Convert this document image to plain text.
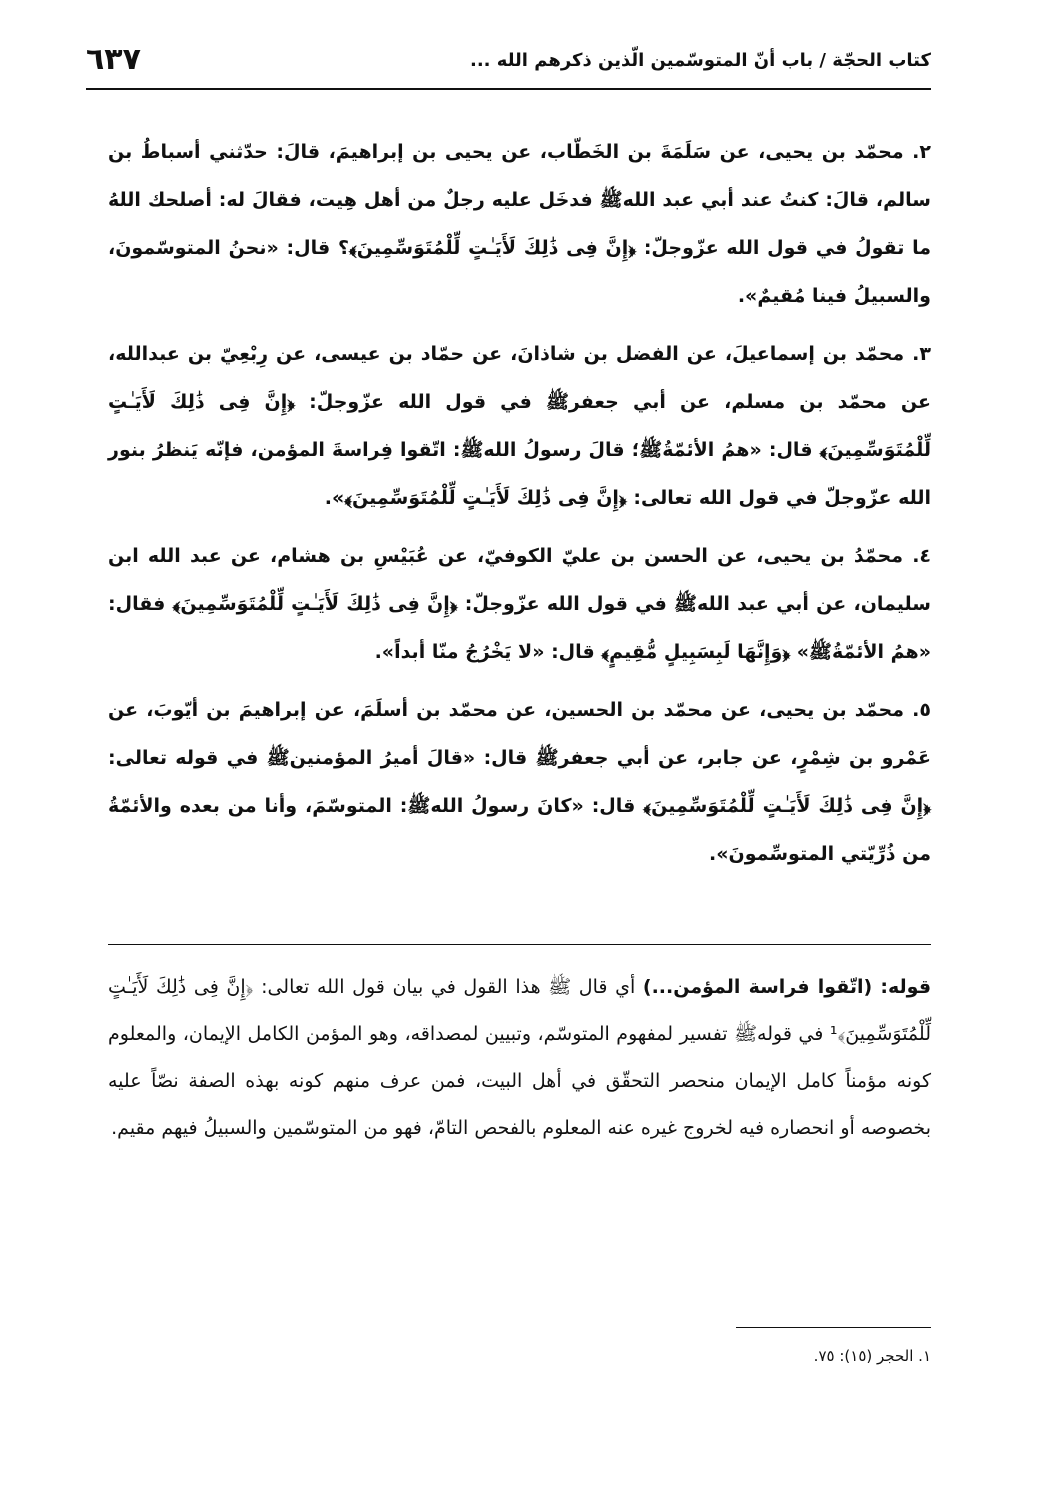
كتاب الحجّة / باب أنّ المتوسّمين الّذين ذكرهم الله ...
٦٣٧

٢. محمّد بن يحيى، عن سَلَمَةَ بن الخَطّاب، عن يحيى بن إبراهيمَ، قالَ: حدّثني أسباطُ بن سالم، قالَ: كنتُ عند أبي عبد اللهﷺ فدخَل عليه رجلٌ من أهل هِيت، فقالَ له: أصلحك اللهُ ما تقولُ في قول الله عزّوجلّ: ﴿إِنَّ فِى ذَٰلِكَ لَأَيَـٰتٍ لِّلْمُتَوَسِّمِينَ﴾؟ قال: «نحنُ المتوسّمونَ، والسبيلُ فينا مُقيمٌ».

٣. محمّد بن إسماعيلَ، عن الفضل بن شاذانَ، عن حمّاد بن عيسى، عن رِبْعِيّ بن عبدالله، عن محمّد بن مسلم، عن أبي جعفرﷺ في قول الله عزّوجلّ: ﴿إِنَّ فِى ذَٰلِكَ لَأَيَـٰتٍ لِّلْمُتَوَسِّمِينَ﴾ قال: «همُ الأئمّةُﷺ؛ قالَ رسولُ اللهﷺ: اتّقوا فِراسةَ المؤمن، فإنّه يَنظرُ بنور الله عزّوجلّ في قول الله تعالى: ﴿إِنَّ فِى ذَٰلِكَ لَأَيَـٰتٍ لِّلْمُتَوَسِّمِينَ﴾».

٤. محمّدُ بن يحيى، عن الحسن بن عليّ الكوفيّ، عن عُبَيْسِ بن هشام، عن عبد الله ابن سليمان، عن أبي عبد اللهﷺ في قول الله عزّوجلّ: ﴿إِنَّ فِى ذَٰلِكَ لَأَيَـٰتٍ لِّلْمُتَوَسِّمِينَ﴾ فقال: «همُ الأئمّةُﷺ» ﴿وَإِنَّهَا لَبِسَبِيلٍ مُّقِيمٍ﴾ قال: «لا يَخْرُجُ منّا أبداً».

٥. محمّد بن يحيى، عن محمّد بن الحسين، عن محمّد بن أسلَمَ، عن إبراهيمَ بن أيّوبَ، عن عَمْرو بن شِمْرٍ، عن جابر، عن أبي جعفرﷺ قال: «قالَ أميرُ المؤمنينﷺ في قوله تعالى: ﴿إِنَّ فِى ذَٰلِكَ لَأَيَـٰتٍ لِّلْمُتَوَسِّمِينَ﴾ قال: «كانَ رسولُ اللهﷺ: المتوسّمَ، وأنا من بعده والأئمّةُ من ذُرِّيّتي المتوسِّمونَ».

قوله: (اتّقوا فراسة المؤمن...) أي قال ﷺ هذا القول في بيان قول الله تعالى: ﴿إِنَّ فِى ذَٰلِكَ لَأَيَـٰتٍ لِّلْمُتَوَسِّمِينَ﴾¹ في قولهﷺ تفسير لمفهوم المتوسّم، وتبيين لمصداقه، وهو المؤمن الكامل الإيمان، والمعلوم كونه مؤمناً كامل الإيمان منحصر التحقّق في أهل البيت، فمن عرف منهم كونه بهذه الصفة نصّاً عليه بخصوصه أو انحصاره فيه لخروج غيره عنه المعلوم بالفحص التامّ، فهو من المتوسّمين والسبيلُ فيهم مقيم.

١. الحجر (١٥): ٧٥.
